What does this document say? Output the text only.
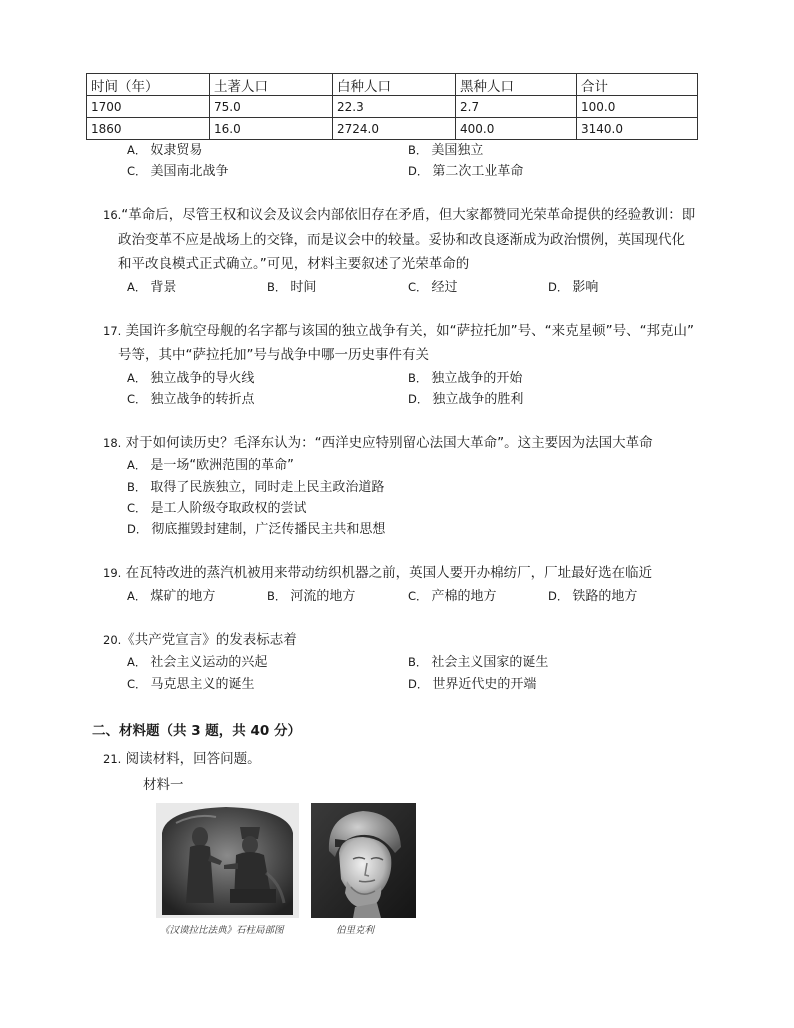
时间（年）	土著人口	白种人口	黑种人口	合计
1700	75.0	22.3	2.7	100.0
1860	16.0	2724.0	400.0	3140.0
A． 奴隶贸易	B． 美国独立
C． 美国南北战争	D． 第二次工业革命
16.“革命后，尽管王权和议会及议会内部依旧存在矛盾，但大家都赞同光荣革命提供的经验教训：即
政治变革不应是战场上的交锋，而是议会中的较量。妥协和改良逐渐成为政治惯例，英国现代化
和平改良模式正式确立。”可见，材料主要叙述了光荣革命的
A． 背景	B． 时间	C． 经过	D． 影响
17. 美国许多航空母舰的名字都与该国的独立战争有关，如“萨拉托加”号、“来克星顿”号、“邦克山”
号等，其中“萨拉托加”号与战争中哪一历史事件有关
A． 独立战争的导火线	B． 独立战争的开始
C． 独立战争的转折点	D． 独立战争的胜利
18. 对于如何读历史？毛泽东认为：“西洋史应特别留心法国大革命”。这主要因为法国大革命
A． 是一场“欧洲范围的革命”
B． 取得了民族独立，同时走上民主政治道路
C． 是工人阶级夺取政权的尝试
D． 彻底摧毁封建制，广泛传播民主共和思想
19. 在瓦特改进的蒸汽机被用来带动纺织机器之前，英国人要开办棉纺厂，厂址最好选在临近
A． 煤矿的地方	B． 河流的地方	C． 产棉的地方	D． 铁路的地方
20.《共产党宣言》的发表标志着
A． 社会主义运动的兴起	B． 社会主义国家的诞生
C． 马克思主义的诞生	D． 世界近代史的开端
二、材料题（共 3 题，共 40 分）
21. 阅读材料，回答问题。
材料一
《汉谟拉比法典》石柱局部图	伯里克利
